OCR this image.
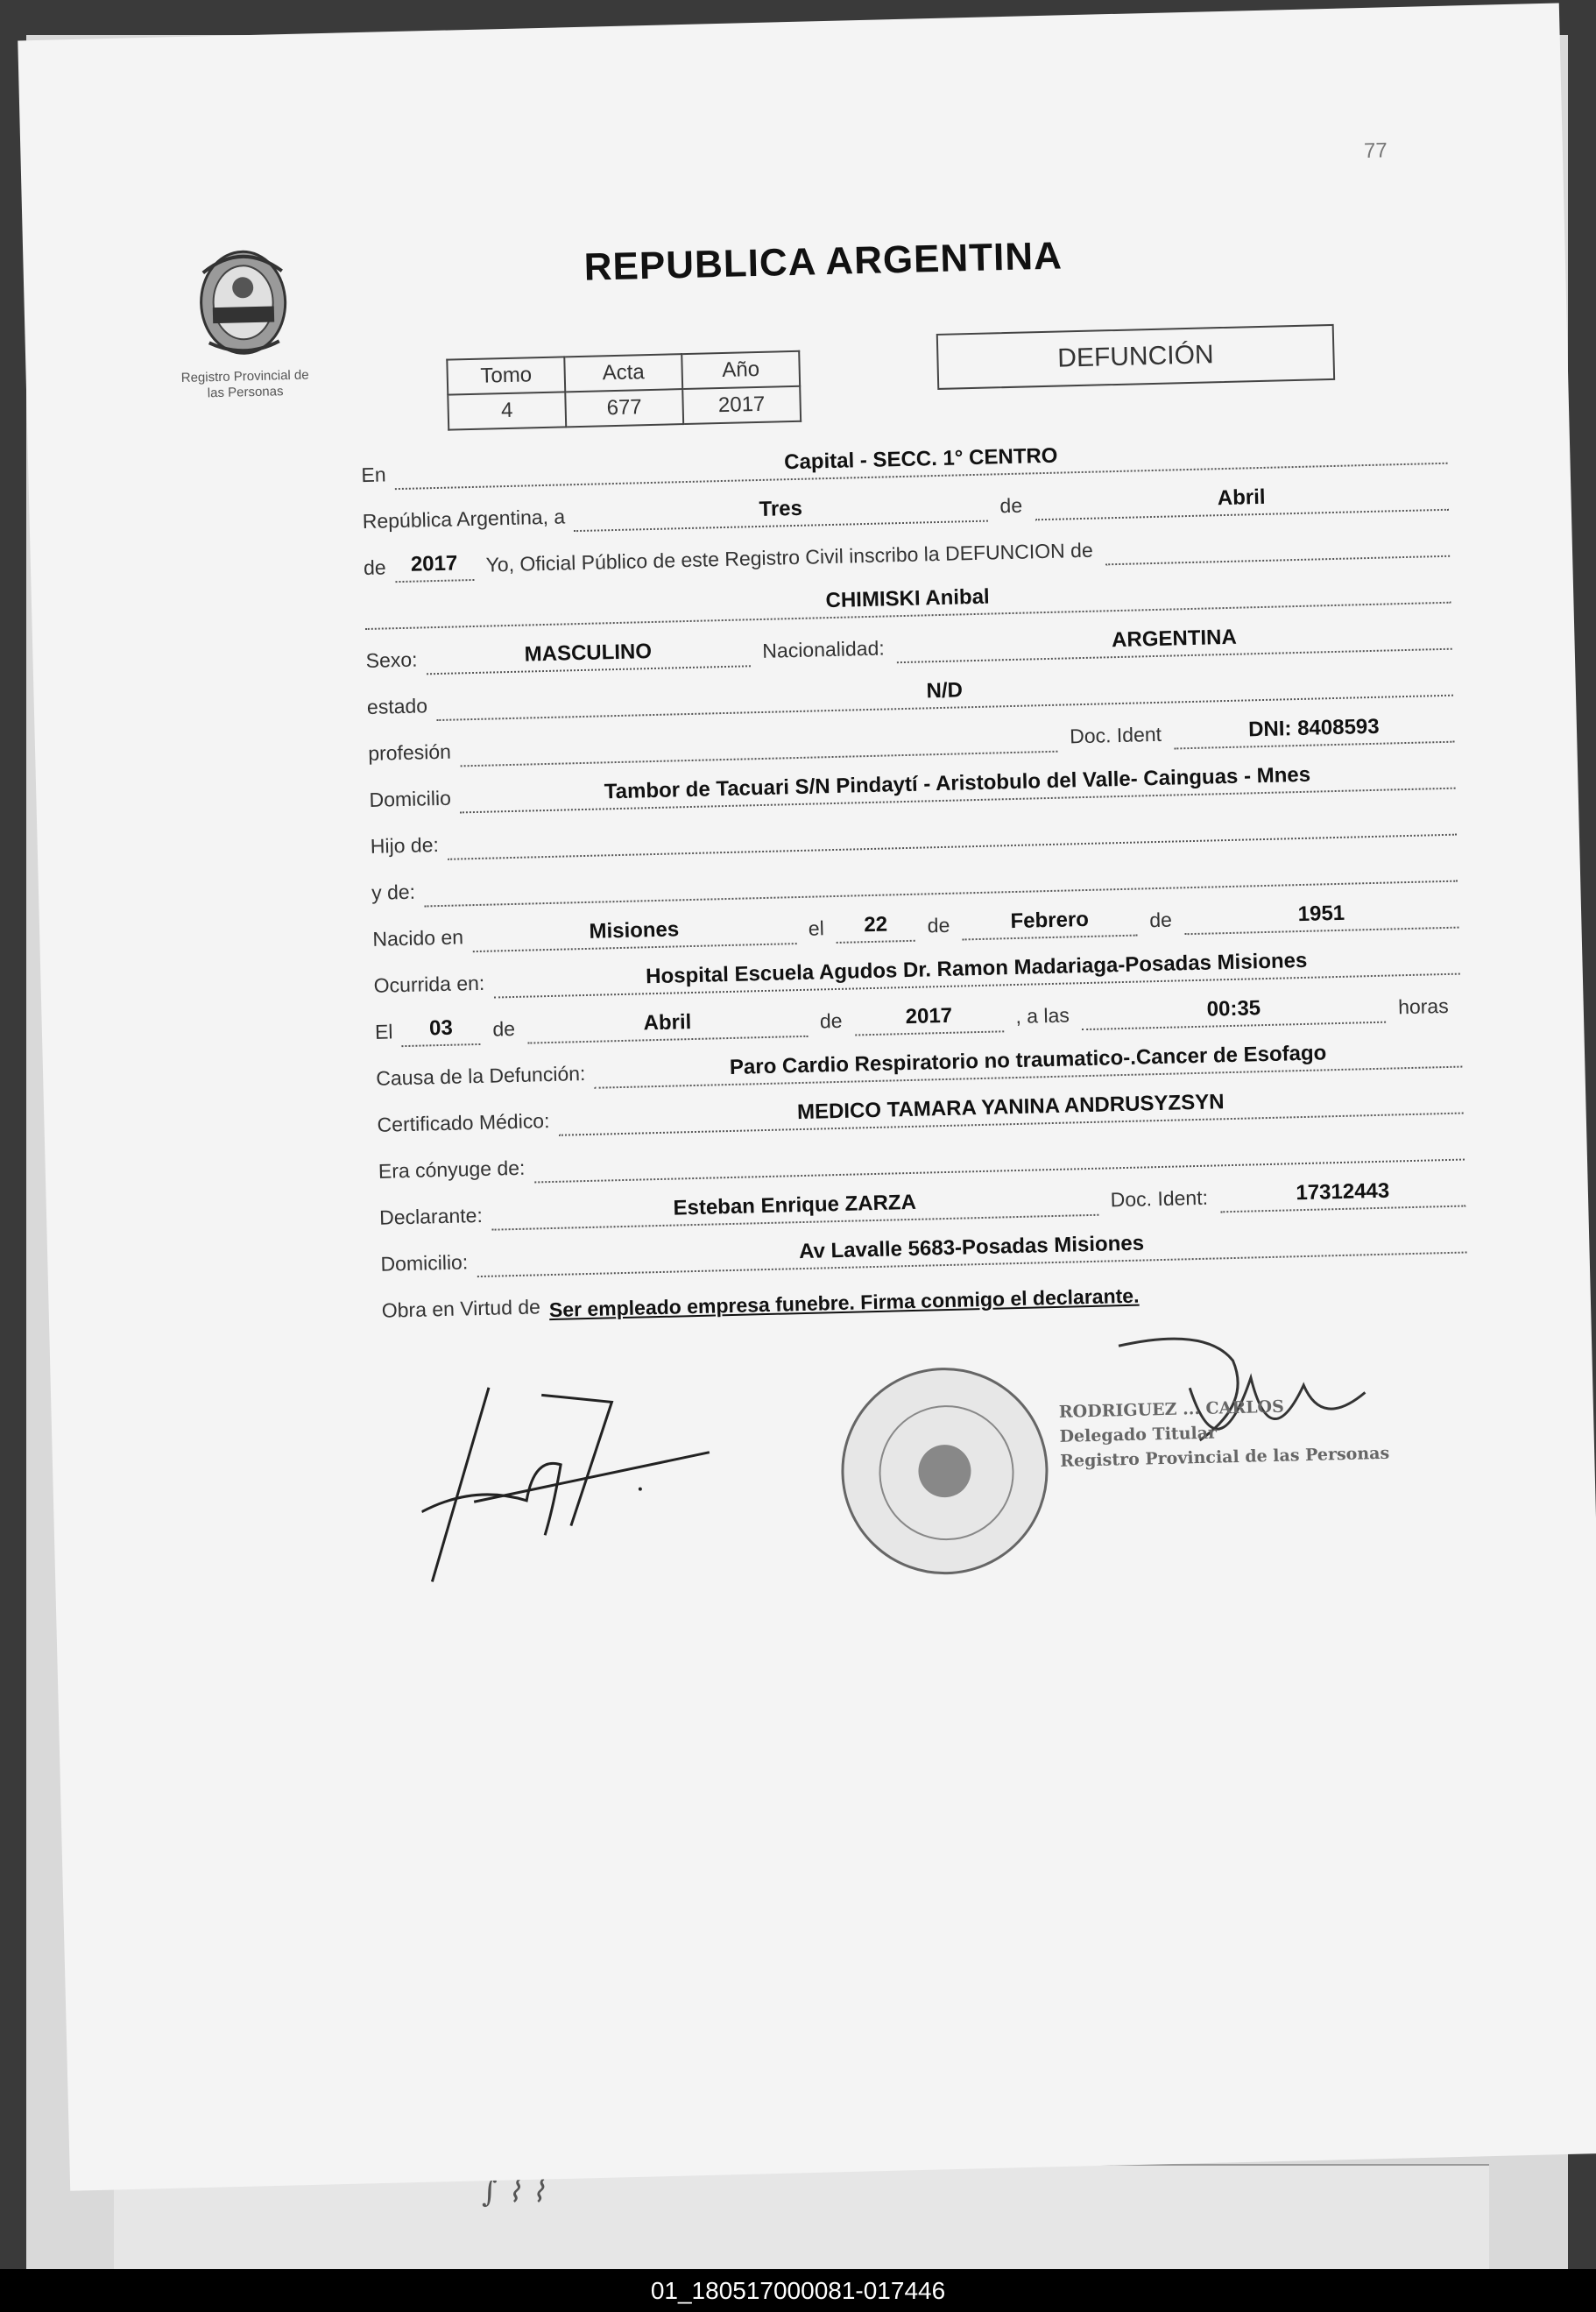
∫ ⌇ ⌇
77
Registro Provincial de
las Personas
REPUBLICA ARGENTINA
Tomo	Acta	Año
4	677	2017
DEFUNCIÓN
En
Capital - SECC. 1° CENTRO
República Argentina, a	Tres	de	Abril
de	2017	Yo, Oficial Público de este Registro Civil inscribo la DEFUNCION de
CHIMISKI Anibal
Sexo:	MASCULINO	Nacionalidad:	ARGENTINA
estado
N/D
profesión
Doc. Ident	DNI: 8408593
Domicilio	Tambor de Tacuari S/N Pindaytí - Aristobulo del Valle- Cainguas - Mnes
Hijo de:
y de:
Nacido en	Misiones	el	22	de	Febrero	de	1951
Ocurrida en:	Hospital Escuela Agudos Dr. Ramon Madariaga-Posadas Misiones
El	03	de	Abril	de	2017	, a las	00:35	horas
Causa de la Defunción:	Paro Cardio Respiratorio no traumatico-.Cancer de Esofago
Certificado Médico:	MEDICO TAMARA YANINA ANDRUSYZSYN
Era cónyuge de:
Declarante:	Esteban Enrique ZARZA	Doc. Ident:	17312443
Domicilio:	Av Lavalle 5683-Posadas Misiones
Obra en Virtud de Ser empleado empresa funebre. Firma conmigo el declarante.
RODRIGUEZ ... CARLOS
Delegado Titular
Registro Provincial de las Personas
01_180517000081-017446
